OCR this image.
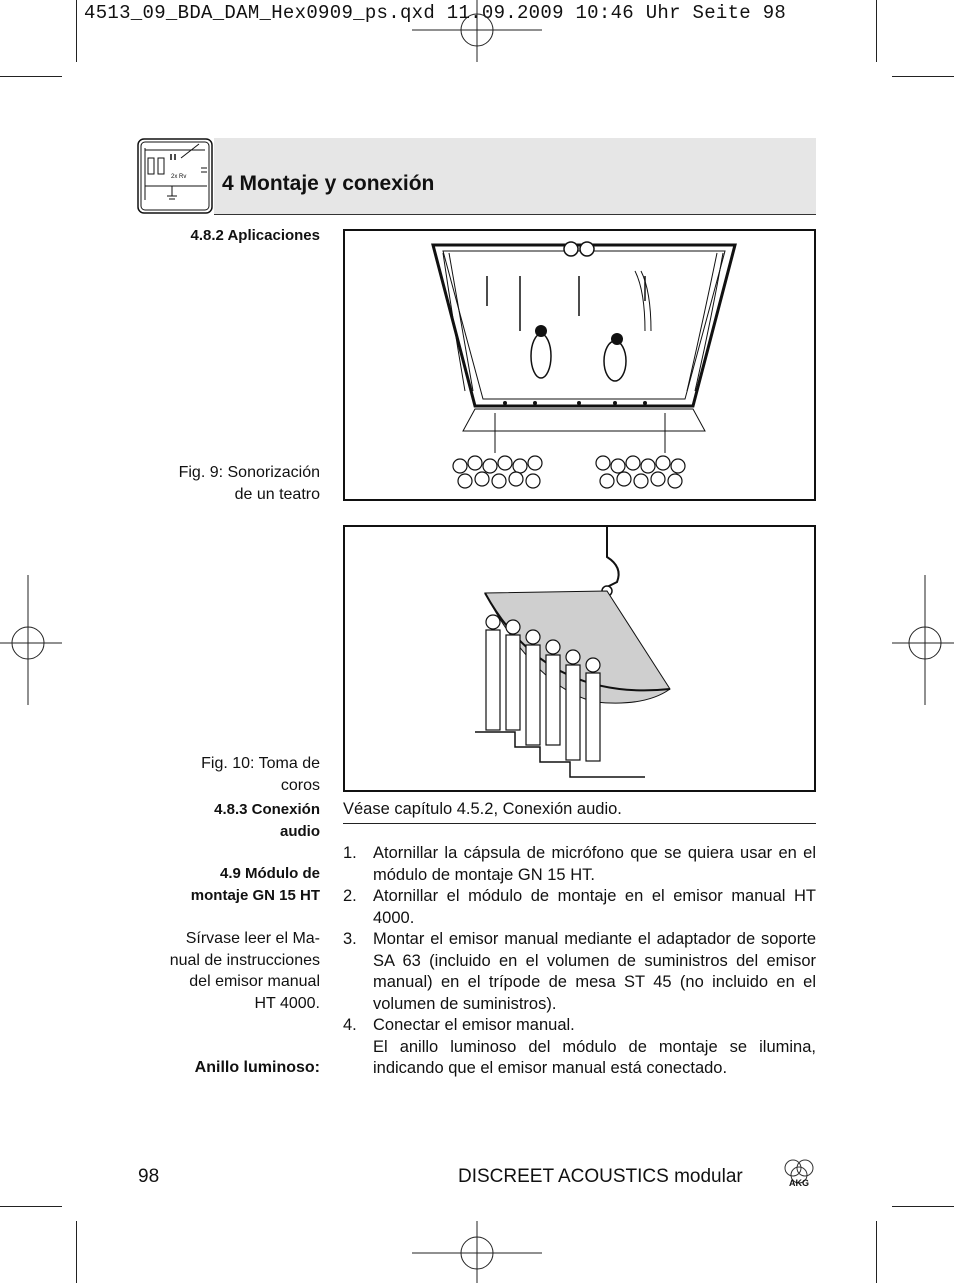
4513_09_BDA_DAM_Hex0909_ps.qxd 11.09.2009 10:46 Uhr Seite 98
2x Rv 4 Montaje y conexión
4.8.2 Aplicaciones
Fig. 9: Sonorización
de un teatro
Fig. 10: Toma de
coros
4.8.3 Conexión
audio
4.9 Módulo de
montaje GN 15 HT
Sírvase leer el Ma-
nual de instrucciones
del emisor manual
HT 4000.
Anillo luminoso:
Véase capítulo 4.5.2, Conexión audio.
1. Atornillar la cápsula de micrófono que se quiera usar en el módulo de montaje GN 15 HT.
2. Atornillar el módulo de montaje en el emisor manual HT 4000.
3. Montar el emisor manual mediante el adaptador de soporte SA 63 (incluido en el volumen de suministros del emisor manual) en el trípode de mesa ST 45 (no incluido en el volumen de suministros).
4. Conectar el emisor manual.
El anillo luminoso del módulo de montaje se ilumina, indicando que el emisor manual está conectado.
98	DISCREET ACOUSTICS modular	AKG
